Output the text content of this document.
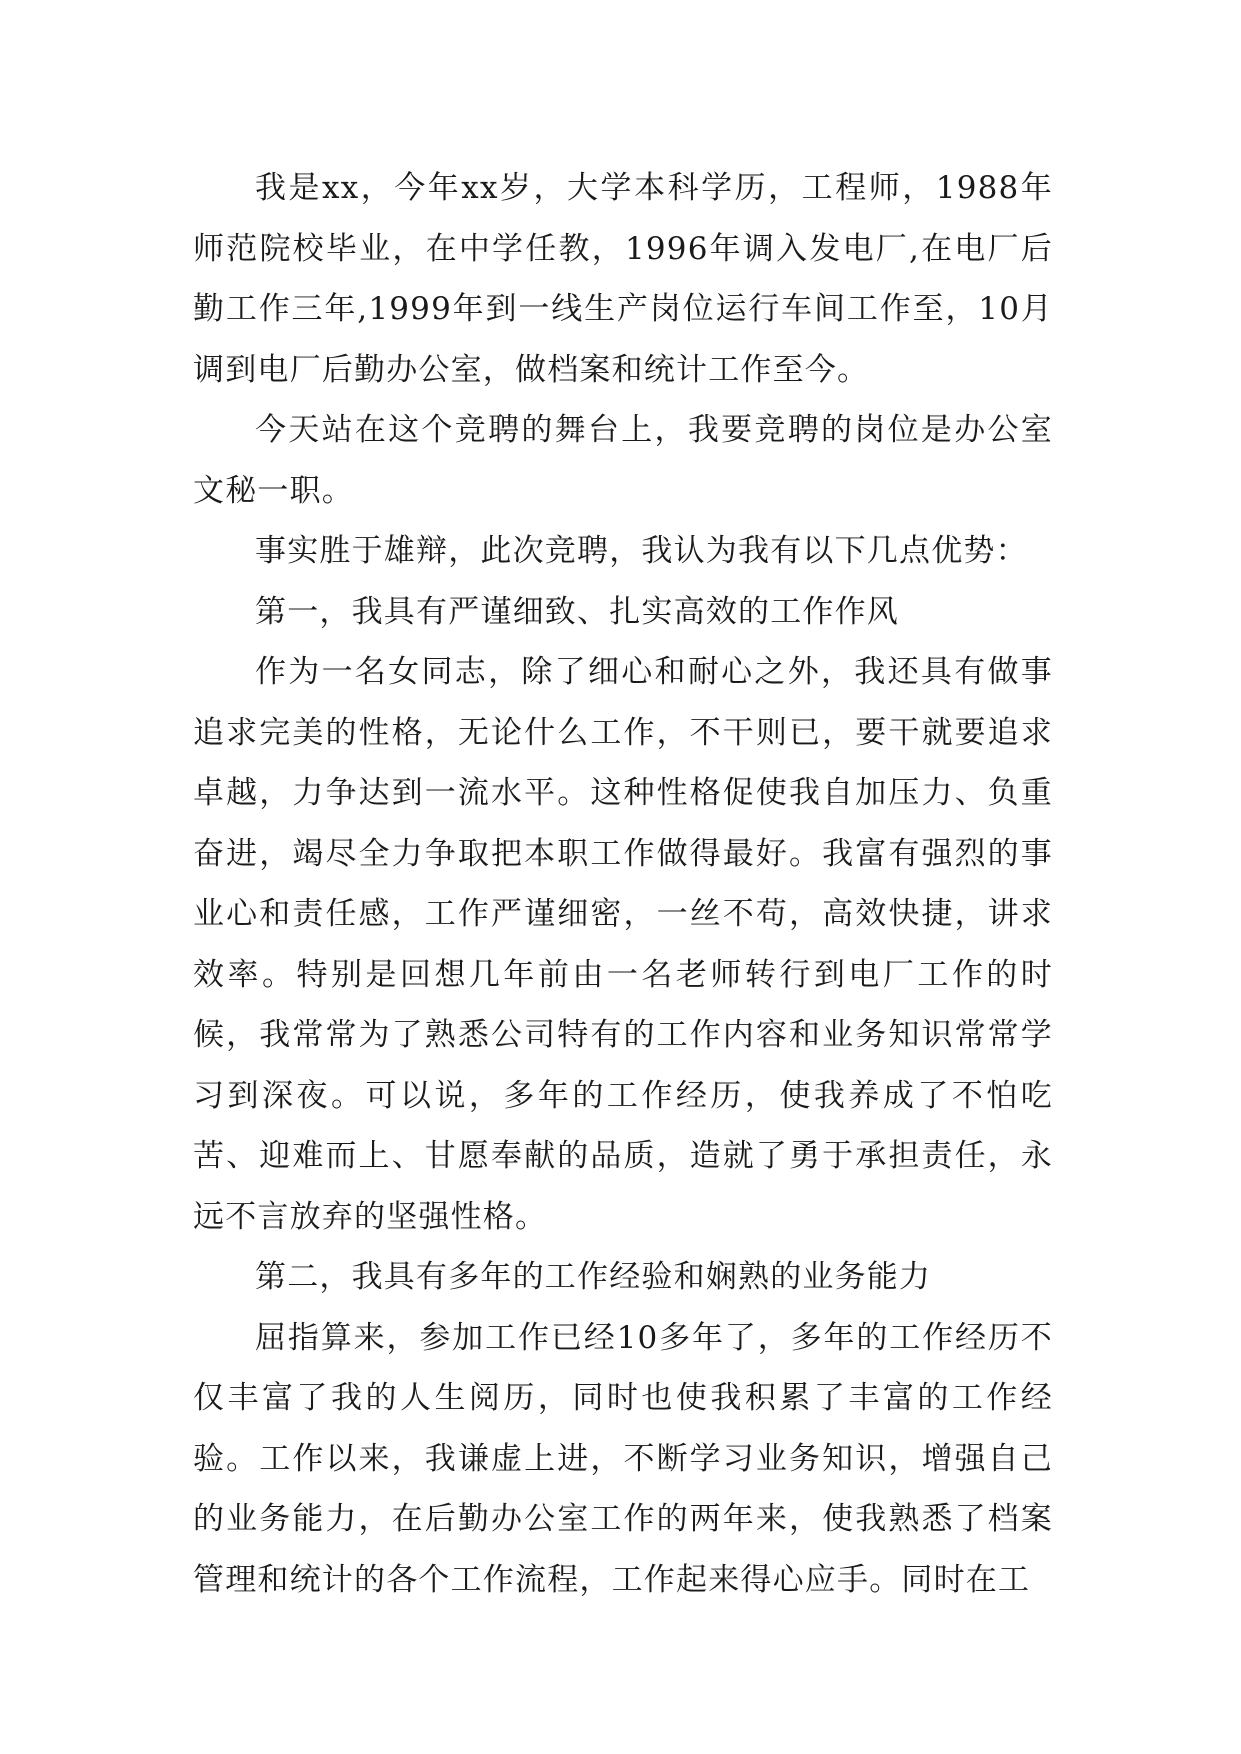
我是xx，今年xx岁，大学本科学历，工程师，1988年师范院校毕业，在中学任教，1996年调入发电厂,在电厂后勤工作三年,1999年到一线生产岗位运行车间工作至，10月调到电厂后勤办公室，做档案和统计工作至今。

今天站在这个竞聘的舞台上，我要竞聘的岗位是办公室文秘一职。

事实胜于雄辩，此次竞聘，我认为我有以下几点优势：

第一，我具有严谨细致、扎实高效的工作作风

作为一名女同志，除了细心和耐心之外，我还具有做事追求完美的性格，无论什么工作，不干则已，要干就要追求卓越，力争达到一流水平。这种性格促使我自加压力、负重奋进，竭尽全力争取把本职工作做得最好。我富有强烈的事业心和责任感，工作严谨细密，一丝不苟，高效快捷，讲求效率。特别是回想几年前由一名老师转行到电厂工作的时候，我常常为了熟悉公司特有的工作内容和业务知识常常学习到深夜。可以说，多年的工作经历，使我养成了不怕吃苦、迎难而上、甘愿奉献的品质，造就了勇于承担责任，永远不言放弃的坚强性格。

第二，我具有多年的工作经验和娴熟的业务能力

屈指算来，参加工作已经10多年了，多年的工作经历不仅丰富了我的人生阅历，同时也使我积累了丰富的工作经验。工作以来，我谦虚上进，不断学习业务知识，增强自己的业务能力，在后勤办公室工作的两年来，使我熟悉了档案管理和统计的各个工作流程，工作起来得心应手。同时在工
